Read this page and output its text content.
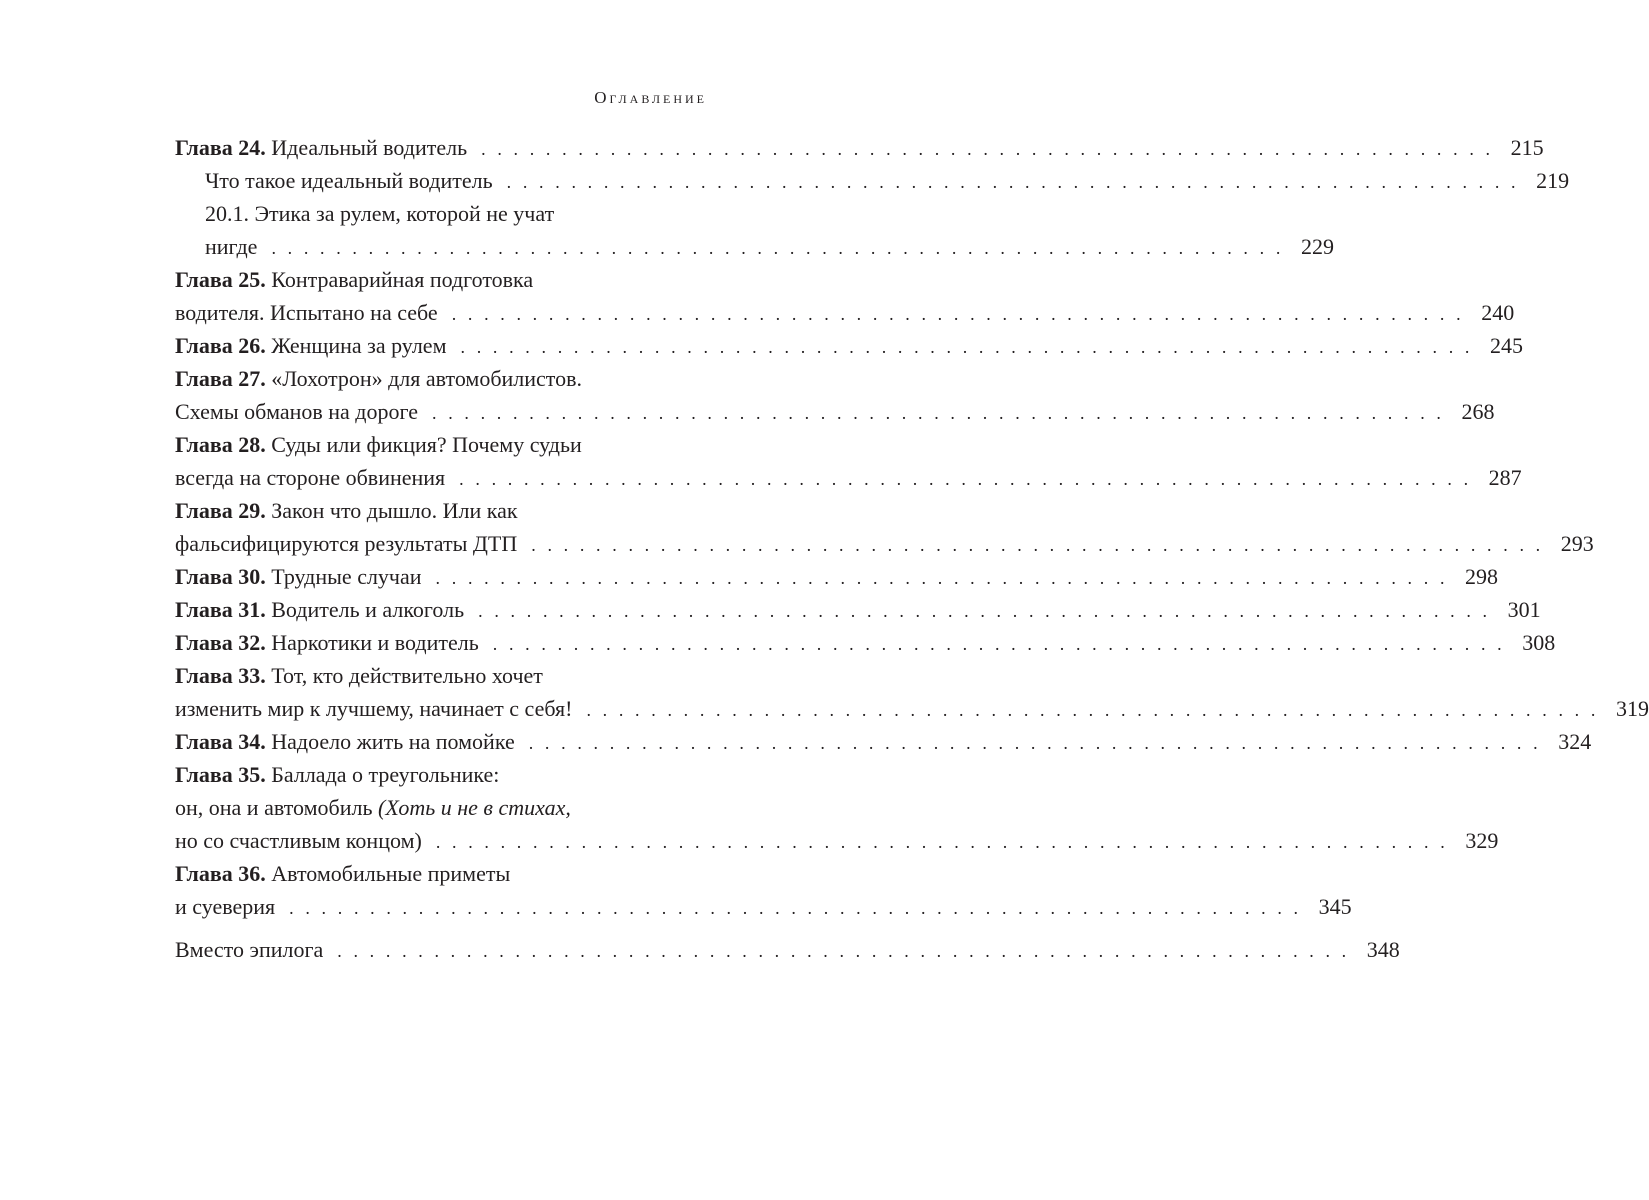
Оглавление
Глава 24. Идеальный водитель . . . . . . . . . . . . . . . . . . . . . . . . . . . . . . . . . . . . . . . . . . . . . . . . . . . . . . . . . . . . . . . 215
Что такое идеальный водитель . . . . . . . . . . . . . . . . . . . . . . . . . . . . . . . . . . . . . . . . . . . . . . . . . . . . . . . . . . . . . . . 219
20.1. Этика за рулем, которой не учат
нигде . . . . . . . . . . . . . . . . . . . . . . . . . . . . . . . . . . . . . . . . . . . . . . . . . . . . . . . . . . . . . . . 229
Глава 25. Контраварийная подготовка
водителя. Испытано на себе . . . . . . . . . . . . . . . . . . . . . . . . . . . . . . . . . . . . . . . . . . . . . . . . . . . . . . . . . . . . . . . 240
Глава 26. Женщина за рулем . . . . . . . . . . . . . . . . . . . . . . . . . . . . . . . . . . . . . . . . . . . . . . . . . . . . . . . . . . . . . . . 245
Глава 27. «Лохотрон» для автомобилистов.
Схемы обманов на дороге . . . . . . . . . . . . . . . . . . . . . . . . . . . . . . . . . . . . . . . . . . . . . . . . . . . . . . . . . . . . . . . 268
Глава 28. Суды или фикция? Почему судьи
всегда на стороне обвинения . . . . . . . . . . . . . . . . . . . . . . . . . . . . . . . . . . . . . . . . . . . . . . . . . . . . . . . . . . . . . . . 287
Глава 29. Закон что дышло. Или как
фальсифицируются результаты ДТП . . . . . . . . . . . . . . . . . . . . . . . . . . . . . . . . . . . . . . . . . . . . . . . . . . . . . . . . . . . . . . . 293
Глава 30. Трудные случаи . . . . . . . . . . . . . . . . . . . . . . . . . . . . . . . . . . . . . . . . . . . . . . . . . . . . . . . . . . . . . . . 298
Глава 31. Водитель и алкоголь . . . . . . . . . . . . . . . . . . . . . . . . . . . . . . . . . . . . . . . . . . . . . . . . . . . . . . . . . . . . . . . 301
Глава 32. Наркотики и водитель . . . . . . . . . . . . . . . . . . . . . . . . . . . . . . . . . . . . . . . . . . . . . . . . . . . . . . . . . . . . . . . 308
Глава 33. Тот, кто действительно хочет
изменить мир к лучшему, начинает с себя! . . . . . . . . . . . . . . . . . . . . . . . . . . . . . . . . . . . . . . . . . . . . . . . . . . . . . . . . . . . . . . . 319
Глава 34. Надоело жить на помойке . . . . . . . . . . . . . . . . . . . . . . . . . . . . . . . . . . . . . . . . . . . . . . . . . . . . . . . . . . . . . . . 324
Глава 35. Баллада о треугольнике:
он, она и автомобиль (Хоть и не в стихах,
но со счастливым концом) . . . . . . . . . . . . . . . . . . . . . . . . . . . . . . . . . . . . . . . . . . . . . . . . . . . . . . . . . . . . . . . 329
Глава 36. Автомобильные приметы
и суеверия . . . . . . . . . . . . . . . . . . . . . . . . . . . . . . . . . . . . . . . . . . . . . . . . . . . . . . . . . . . . . . . 345
Вместо эпилога . . . . . . . . . . . . . . . . . . . . . . . . . . . . . . . . . . . . . . . . . . . . . . . . . . . . . . . . . . . . . . . 348
